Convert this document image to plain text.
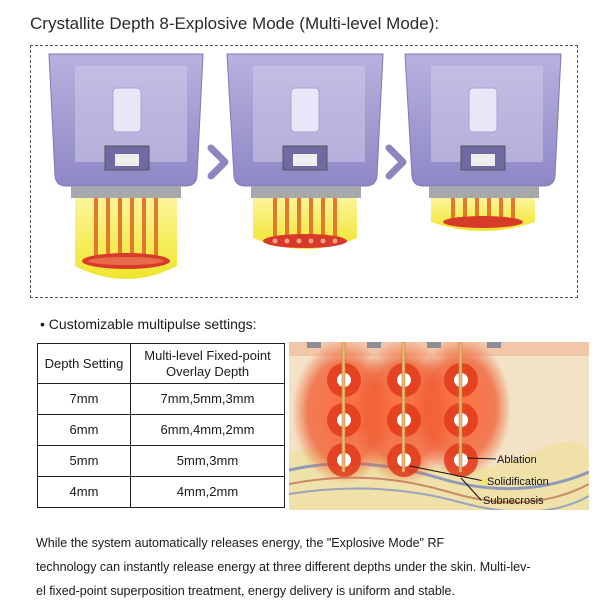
Crystallite Depth 8-Explosive Mode (Multi-level Mode):
• Customizable multipulse settings:
Depth Setting	Multi-level Fixed-point Overlay Depth
7mm	7mm,5mm,3mm
6mm	6mm,4mm,2mm
5mm	5mm,3mm
4mm	4mm,2mm
Ablation
Solidification
Subnecrosis
While the system automatically releases energy, the "Explosive Mode" RF
technology can instantly release energy at three different depths under the skin. Multi-lev-
el fixed-point superposition treatment, energy delivery is uniform and stable.
